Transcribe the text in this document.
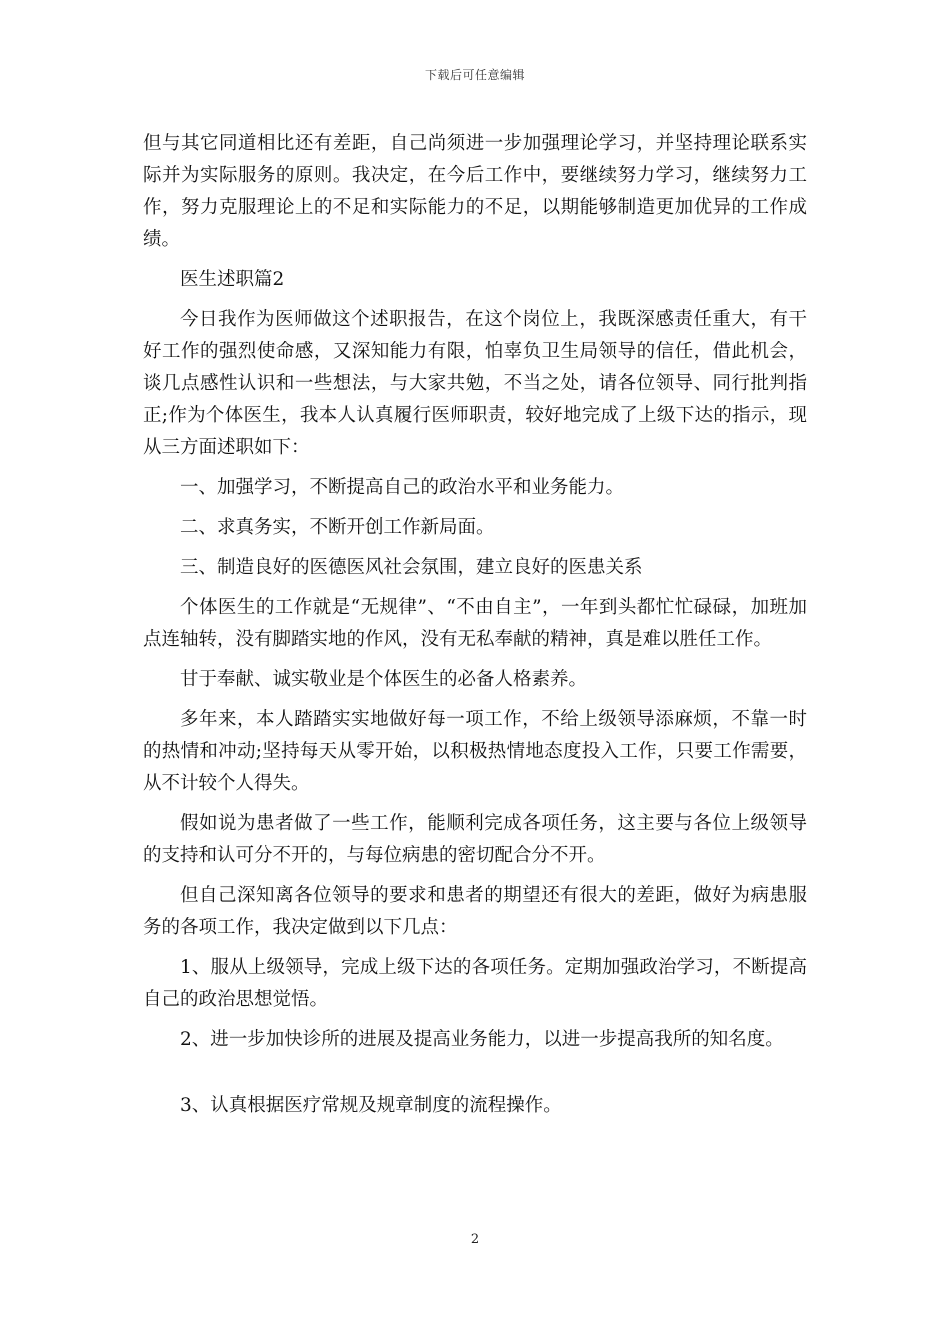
下载后可任意编辑

但与其它同道相比还有差距，自己尚须进一步加强理论学习，并坚持理论联系实际并为实际服务的原则。我决定，在今后工作中，要继续努力学习，继续努力工作，努力克服理论上的不足和实际能力的不足，以期能够制造更加优异的工作成绩。

医生述职篇2

今日我作为医师做这个述职报告，在这个岗位上，我既深感责任重大，有干好工作的强烈使命感，又深知能力有限，怕辜负卫生局领导的信任，借此机会，谈几点感性认识和一些想法，与大家共勉，不当之处，请各位领导、同行批判指正;作为个体医生，我本人认真履行医师职责，较好地完成了上级下达的指示，现从三方面述职如下：

一、加强学习，不断提高自己的政治水平和业务能力。

二、求真务实，不断开创工作新局面。

三、制造良好的医德医风社会氛围，建立良好的医患关系

个体医生的工作就是“无规律”、“不由自主”，一年到头都忙忙碌碌，加班加点连轴转，没有脚踏实地的作风，没有无私奉献的精神，真是难以胜任工作。

甘于奉献、诚实敬业是个体医生的必备人格素养。

多年来，本人踏踏实实地做好每一项工作，不给上级领导添麻烦，不靠一时的热情和冲动;坚持每天从零开始，以积极热情地态度投入工作，只要工作需要，从不计较个人得失。

假如说为患者做了一些工作，能顺利完成各项任务，这主要与各位上级领导的支持和认可分不开的，与每位病患的密切配合分不开。

但自己深知离各位领导的要求和患者的期望还有很大的差距，做好为病患服务的各项工作，我决定做到以下几点：

1、服从上级领导，完成上级下达的各项任务。定期加强政治学习，不断提高自己的政治思想觉悟。

2、进一步加快诊所的进展及提高业务能力，以进一步提高我所的知名度。

3、认真根据医疗常规及规章制度的流程操作。

2
